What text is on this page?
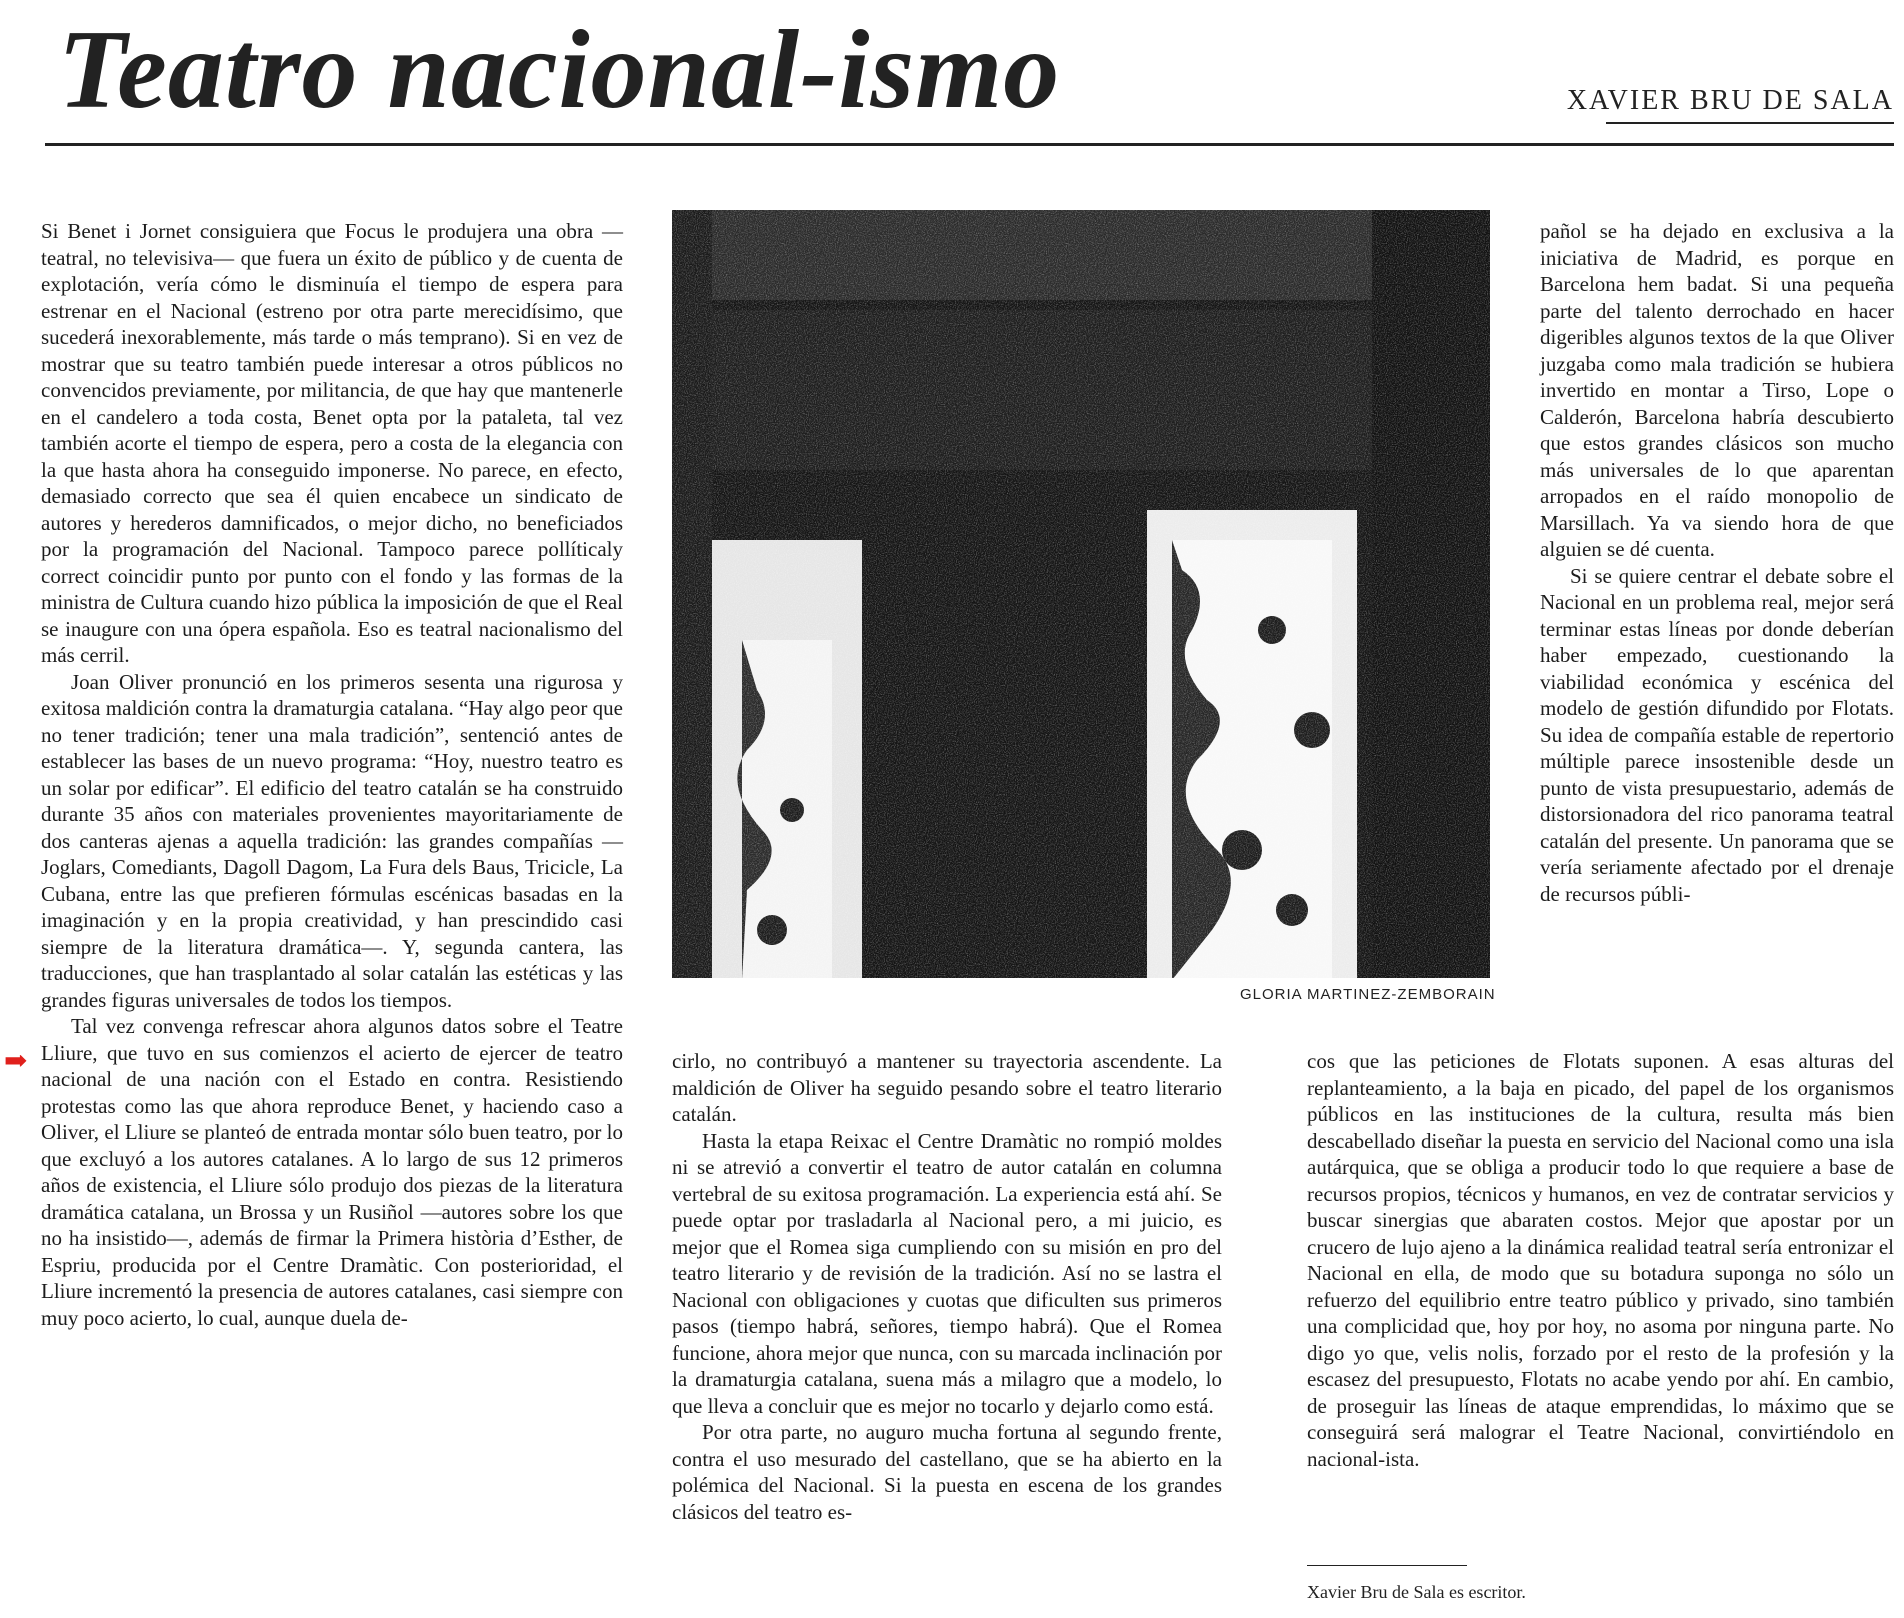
Teatro nacional-ismo	XAVIER BRU DE SALA

Si Benet i Jornet consiguiera que Focus le produjera una obra —teatral, no televisiva— que fuera un éxito de público y de cuenta de explotación, vería cómo le disminuía el tiempo de espera para estrenar en el Nacional (estreno por otra parte merecidísimo, que sucederá inexorablemente, más tarde o más temprano). Si en vez de mostrar que su teatro también puede interesar a otros públicos no convencidos previamente, por militancia, de que hay que mantenerle en el candelero a toda costa, Benet opta por la pataleta, tal vez también acorte el tiempo de espera, pero a costa de la elegancia con la que hasta ahora ha conseguido imponerse. No parece, en efecto, demasiado correcto que sea él quien encabece un sindicato de autores y herederos damnificados, o mejor dicho, no beneficiados por la programación del Nacional. Tampoco parece pollíticaly correct coincidir punto por punto con el fondo y las formas de la ministra de Cultura cuando hizo pública la imposición de que el Real se inaugure con una ópera española. Eso es teatral nacionalismo del más cerril.

Joan Oliver pronunció en los primeros sesenta una rigurosa y exitosa maldición contra la dramaturgia catalana. “Hay algo peor que no tener tradición; tener una mala tradición”, sentenció antes de establecer las bases de un nuevo programa: “Hoy, nuestro teatro es un solar por edificar”. El edificio del teatro catalán se ha construido durante 35 años con materiales provenientes mayoritariamente de dos canteras ajenas a aquella tradición: las grandes compañías —Joglars, Comediants, Dagoll Dagom, La Fura dels Baus, Tricicle, La Cubana, entre las que prefieren fórmulas escénicas basadas en la imaginación y en la propia creatividad, y han prescindido casi siempre de la literatura dramática—. Y, segunda cantera, las traducciones, que han trasplantado al solar catalán las estéticas y las grandes figuras universales de todos los tiempos.

Tal vez convenga refrescar ahora algunos datos sobre el Teatre Lliure, que tuvo en sus comienzos el acierto de ejercer de teatro nacional de una nación con el Estado en contra. Resistiendo protestas como las que ahora reproduce Benet, y haciendo caso a Oliver, el Lliure se planteó de entrada montar sólo buen teatro, por lo que excluyó a los autores catalanes. A lo largo de sus 12 primeros años de existencia, el Lliure sólo produjo dos piezas de la literatura dramática catalana, un Brossa y un Rusiñol —autores sobre los que no ha insistido—, además de firmar la Primera història d’Esther, de Espriu, producida por el Centre Dramàtic. Con posterioridad, el Lliure incrementó la presencia de autores catalanes, casi siempre con muy poco acierto, lo cual, aunque duela de-

➡
GLORIA MARTINEZ-ZEMBORAIN

cirlo, no contribuyó a mantener su trayectoria ascendente. La maldición de Oliver ha seguido pesando sobre el teatro literario catalán.

Hasta la etapa Reixac el Centre Dramàtic no rompió moldes ni se atrevió a convertir el teatro de autor catalán en columna vertebral de su exitosa programación. La experiencia está ahí. Se puede optar por trasladarla al Nacional pero, a mi juicio, es mejor que el Romea siga cumpliendo con su misión en pro del teatro literario y de revisión de la tradición. Así no se lastra el Nacional con obligaciones y cuotas que dificulten sus primeros pasos (tiempo habrá, señores, tiempo habrá). Que el Romea funcione, ahora mejor que nunca, con su marcada inclinación por la dramaturgia catalana, suena más a milagro que a modelo, lo que lleva a concluir que es mejor no tocarlo y dejarlo como está.

Por otra parte, no auguro mucha fortuna al segundo frente, contra el uso mesurado del castellano, que se ha abierto en la polémica del Nacional. Si la puesta en escena de los grandes clásicos del teatro es-

pañol se ha dejado en exclusiva a la iniciativa de Madrid, es porque en Barcelona hem badat. Si una pequeña parte del talento derrochado en hacer digeribles algunos textos de la que Oliver juzgaba como mala tradición se hubiera invertido en montar a Tirso, Lope o Calderón, Barcelona habría descubierto que estos grandes clásicos son mucho más universales de lo que aparentan arropados en el raído monopolio de Marsillach. Ya va siendo hora de que alguien se dé cuenta.

Si se quiere centrar el debate sobre el Nacional en un problema real, mejor será terminar estas líneas por donde deberían haber empezado, cuestionando la viabilidad económica y escénica del modelo de gestión difundido por Flotats. Su idea de compañía estable de repertorio múltiple parece insostenible desde un punto de vista presupuestario, además de distorsionadora del rico panorama teatral catalán del presente. Un panorama que se vería seriamente afectado por el drenaje de recursos públi-

cos que las peticiones de Flotats suponen. A esas alturas del replanteamiento, a la baja en picado, del papel de los organismos públicos en las instituciones de la cultura, resulta más bien descabellado diseñar la puesta en servicio del Nacional como una isla autárquica, que se obliga a producir todo lo que requiere a base de recursos propios, técnicos y humanos, en vez de contratar servicios y buscar sinergias que abaraten costos. Mejor que apostar por un crucero de lujo ajeno a la dinámica realidad teatral sería entronizar el Nacional en ella, de modo que su botadura suponga no sólo un refuerzo del equilibrio entre teatro público y privado, sino también una complicidad que, hoy por hoy, no asoma por ninguna parte. No digo yo que, velis nolis, forzado por el resto de la profesión y la escasez del presupuesto, Flotats no acabe yendo por ahí. En cambio, de proseguir las líneas de ataque emprendidas, lo máximo que se conseguirá será malograr el Teatre Nacional, convirtiéndolo en nacional-ista.

Xavier Bru de Sala es escritor.
